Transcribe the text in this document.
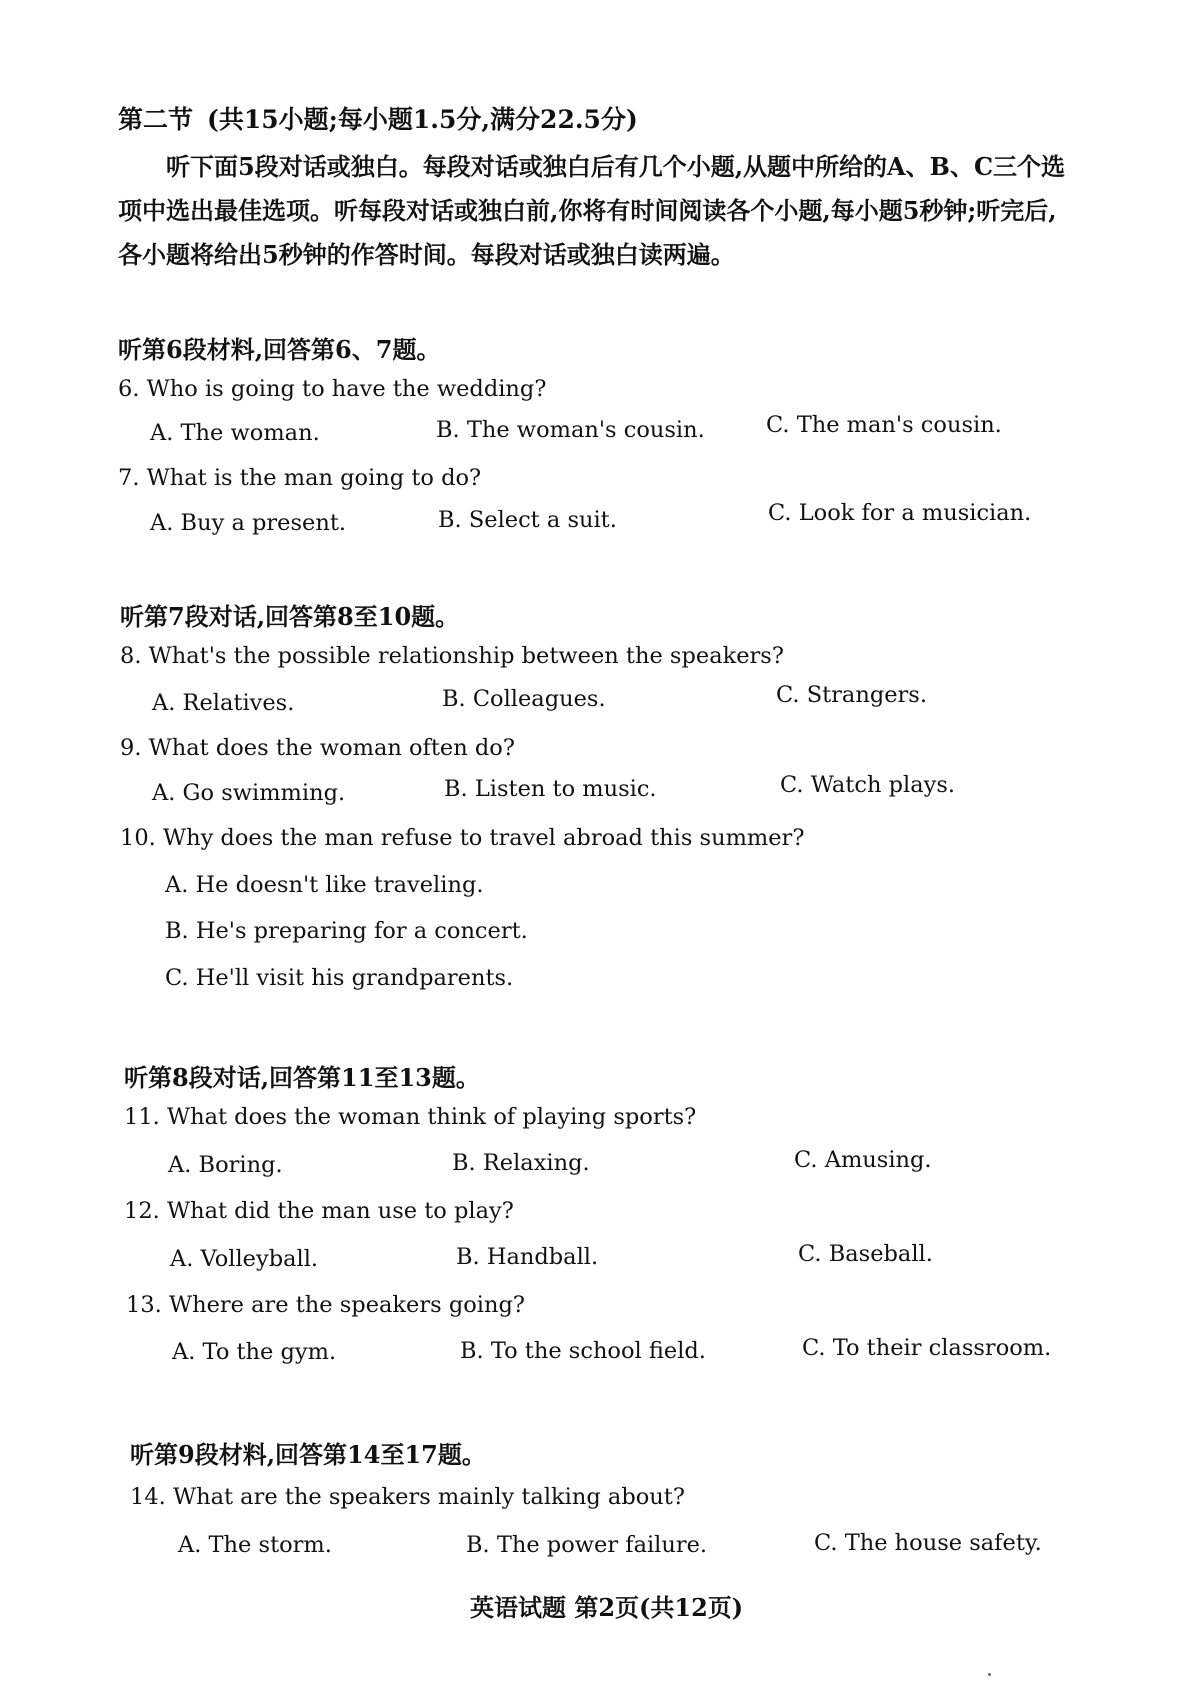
第二节 (共15小题;每小题1.5分,满分22.5分)

听下面5段对话或独白。每段对话或独白后有几个小题,从题中所给的A、B、C三个选项中选出最佳选项。听每段对话或独白前,你将有时间阅读各个小题,每小题5秒钟;听完后,各小题将给出5秒钟的作答时间。每段对话或独白读两遍。

听第6段材料,回答第6、7题。
6. Who is going to have the wedding?
A. The woman.	B. The woman's cousin.	C. The man's cousin.
7. What is the man going to do?
A. Buy a present.	B. Select a suit.	C. Look for a musician.
听第7段对话,回答第8至10题。
8. What's the possible relationship between the speakers?
A. Relatives.	B. Colleagues.	C. Strangers.
9. What does the woman often do?
A. Go swimming.	B. Listen to music.	C. Watch plays.
10. Why does the man refuse to travel abroad this summer?
A. He doesn't like traveling.
B. He's preparing for a concert.
C. He'll visit his grandparents.
听第8段对话,回答第11至13题。
11. What does the woman think of playing sports?
A. Boring.	B. Relaxing.	C. Amusing.
12. What did the man use to play?
A. Volleyball.	B. Handball.	C. Baseball.
13. Where are the speakers going?
A. To the gym.	B. To the school field.	C. To their classroom.
听第9段材料,回答第14至17题。
14. What are the speakers mainly talking about?
A. The storm.	B. The power failure.	C. The house safety.
英语试题 第2页(共12页)
